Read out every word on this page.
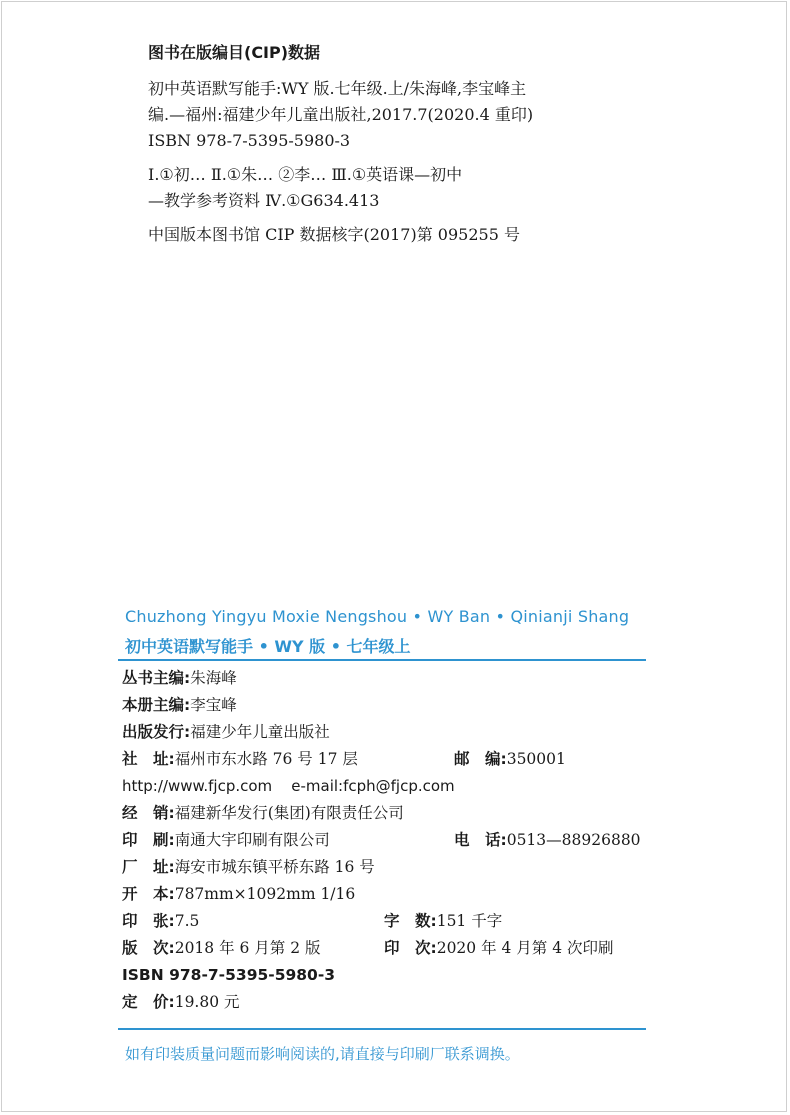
图书在版编目(CIP)数据

初中英语默写能手:WY 版.七年级.上/朱海峰,李宝峰主

编.—福州:福建少年儿童出版社,2017.7(2020.4 重印)

ISBN 978-7-5395-5980-3

Ⅰ.①初… Ⅱ.①朱… ②李… Ⅲ.①英语课—初中

—教学参考资料 Ⅳ.①G634.413

中国版本图书馆 CIP 数据核字(2017)第 095255 号

Chuzhong Yingyu Moxie Nengshou • WY Ban • Qinianji Shang
初中英语默写能手 • WY 版 • 七年级上
丛书主编:朱海峰
本册主编:李宝峰
出版发行:福建少年儿童出版社
社　址:福州市东水路 76 号 17 层	邮　编:350001
http://www.fjcp.com e-mail:fcph@fjcp.com
经　销:福建新华发行(集团)有限责任公司
印　刷:南通大宇印刷有限公司	电　话:0513—88926880
厂　址:海安市城东镇平桥东路 16 号
开　本:787mm×1092mm 1/16
印　张:7.5	字　数:151 千字
版　次:2018 年 6 月第 2 版	印　次:2020 年 4 月第 4 次印刷
ISBN 978-7-5395-5980-3
定　价:19.80 元
如有印装质量问题而影响阅读的,请直接与印刷厂联系调换。
